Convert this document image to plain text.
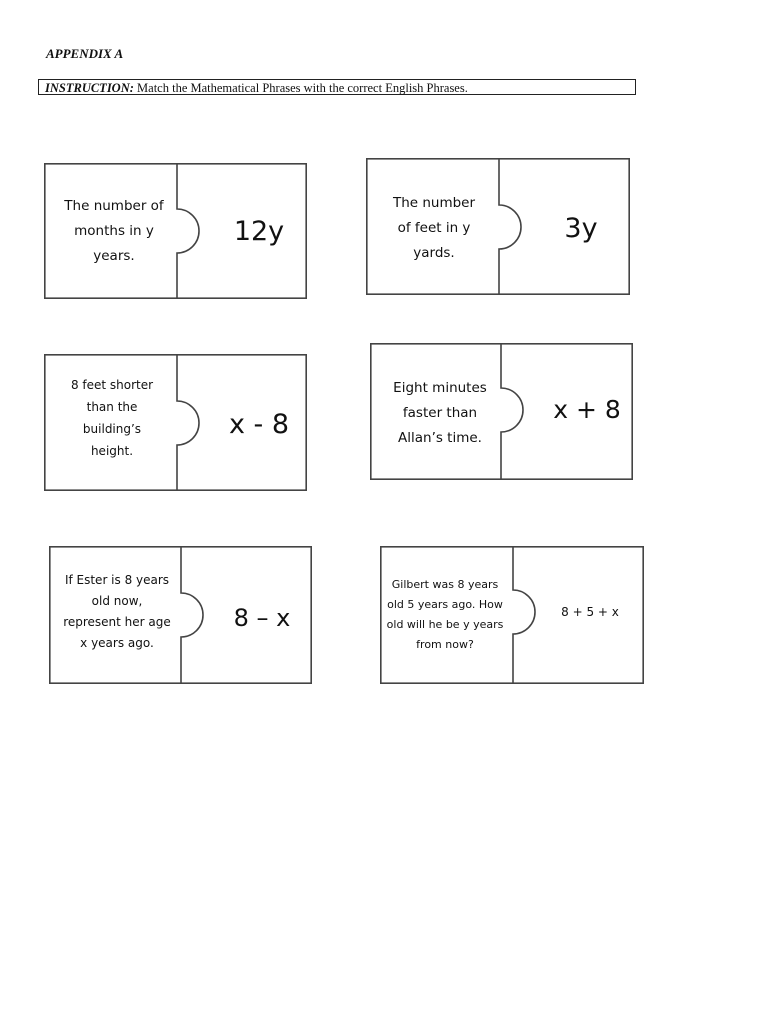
APPENDIX A
INSTRUCTION: Match the Mathematical Phrases with the correct English Phrases.
The number of months in y years.
12y
The number of feet in y yards.
3y
8 feet shorter than the building’s height.
x - 8
Eight minutes faster than Allan’s time.
x + 8
If Ester is 8 years old now, represent her age x years ago.
8 – x
Gilbert was 8 years old 5 years ago. How old will he be y years from now?
8 + 5 + x
